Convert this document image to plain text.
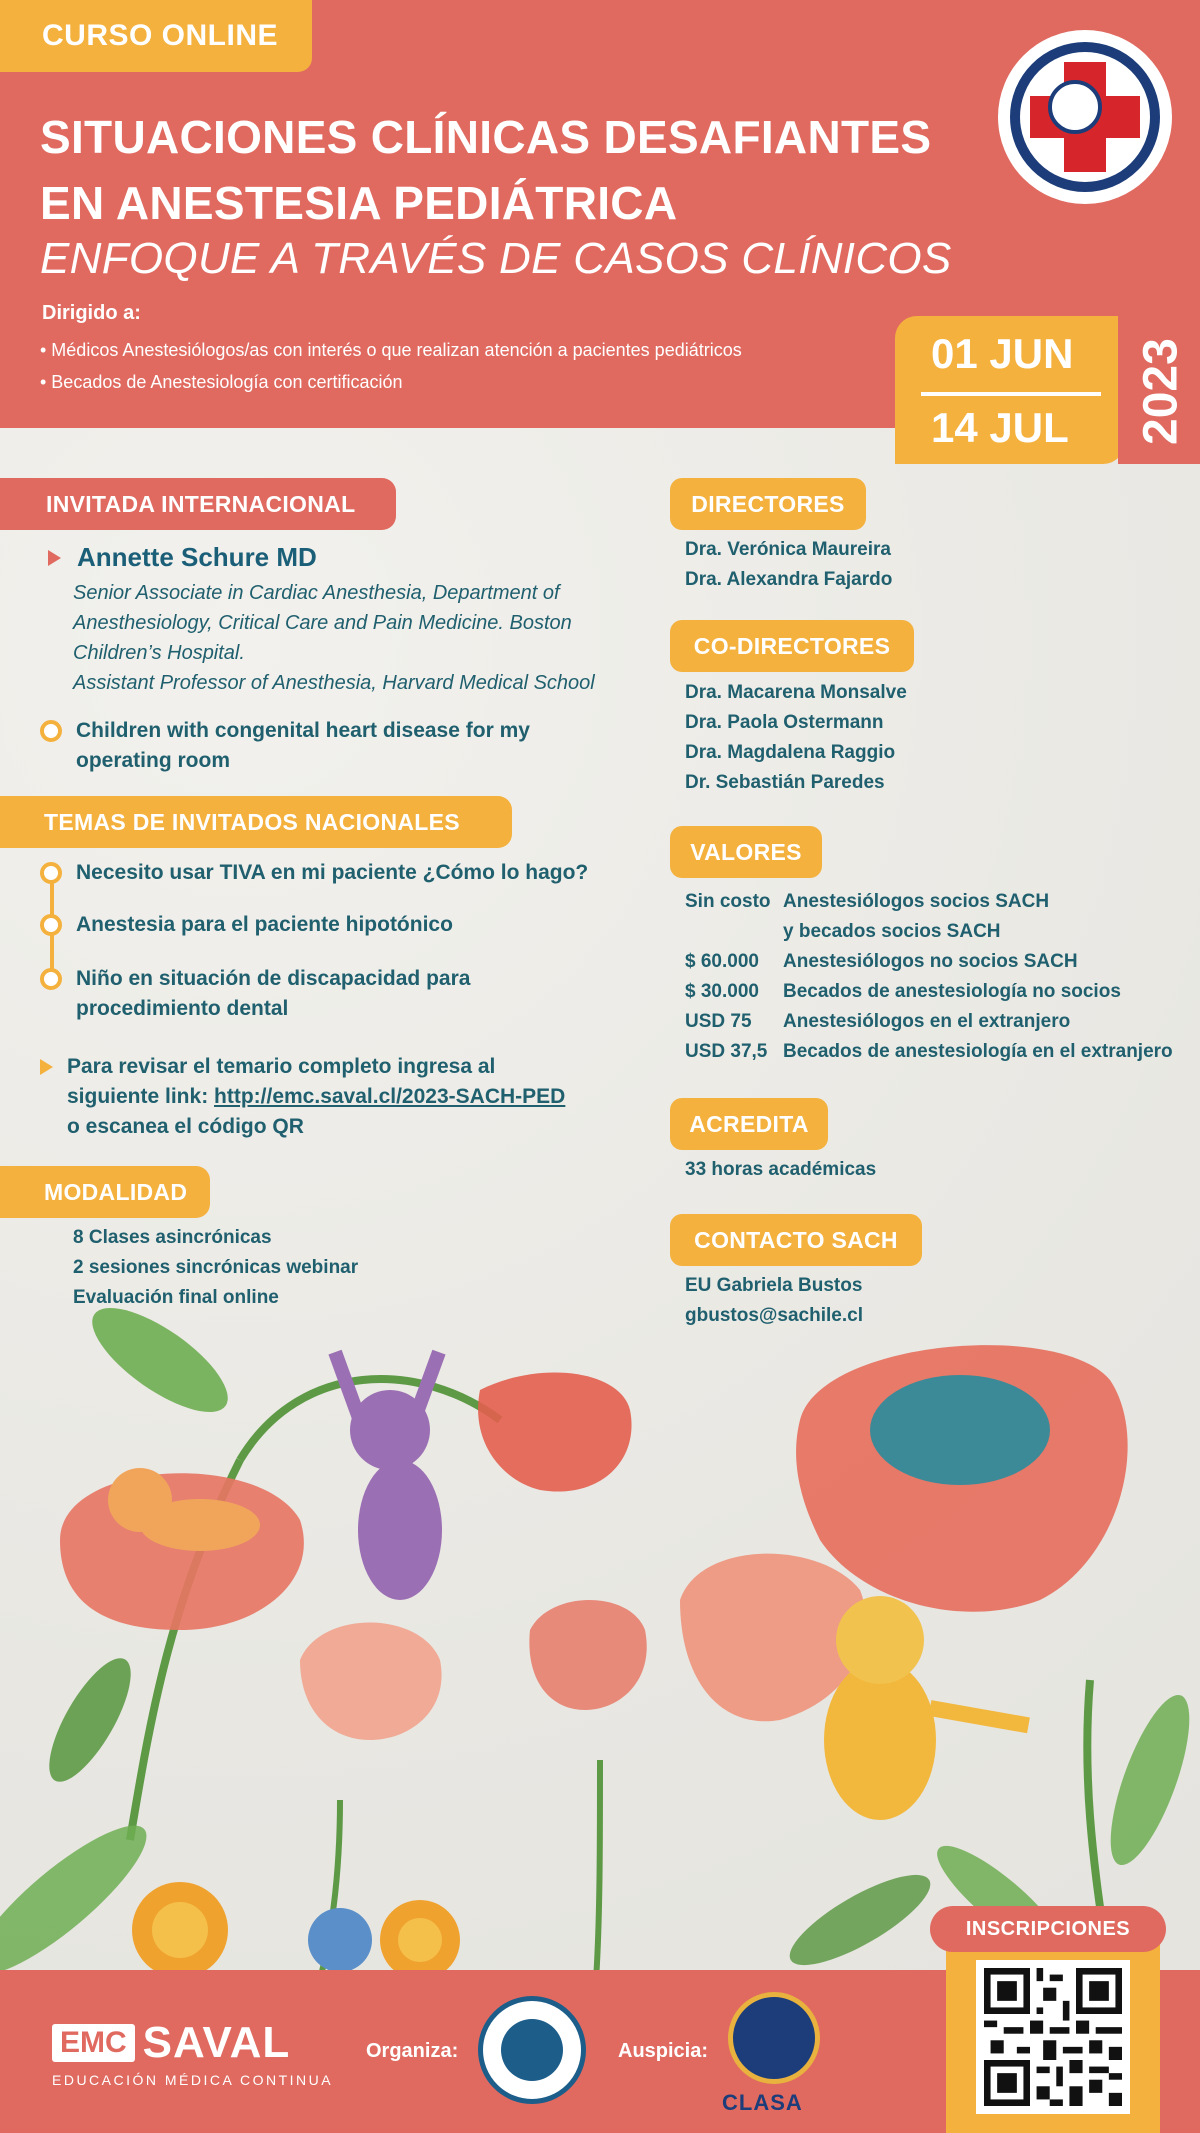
CURSO ONLINE
SITUACIONES CLÍNICAS DESAFIANTES
EN ANESTESIA PEDIÁTRICA
ENFOQUE A TRAVÉS DE CASOS CLÍNICOS
Dirigido a:
• Médicos Anestesiólogos/as con interés o que realizan atención a pacientes pediátricos
• Becados de Anestesiología con certificación
01 JUN
14 JUL 2023
INVITADA INTERNACIONAL
Annette Schure MD
Senior Associate in Cardiac Anesthesia, Department of
Anesthesiology, Critical Care and Pain Medicine. Boston
Children’s Hospital.
Assistant Professor of Anesthesia, Harvard Medical School
Children with congenital heart disease for my
operating room
TEMAS DE INVITADOS NACIONALES
Necesito usar TIVA en mi paciente ¿Cómo lo hago?
Anestesia para el paciente hipotónico
Niño en situación de discapacidad para
procedimiento dental
Para revisar el temario completo ingresa al
siguiente link: http://emc.saval.cl/2023-SACH-PED
o escanea el código QR
MODALIDAD
8 Clases asincrónicas
2 sesiones sincrónicas webinar
Evaluación final online
DIRECTORES
Dra. Verónica Maureira
Dra. Alexandra Fajardo
CO-DIRECTORES
Dra. Macarena Monsalve
Dra. Paola Ostermann
Dra. Magdalena Raggio
Dr. Sebastián Paredes
VALORES
Sin costo Anestesiólogos socios SACH
y becados socios SACH
$ 60.000	Anestesiólogos no socios SACH
$ 30.000	Becados de anestesiología no socios
USD 75	Anestesiólogos en el extranjero
USD 37,5 Becados de anestesiología en el extranjero
ACREDITA
33 horas académicas
CONTACTO SACH
EU Gabriela Bustos
gbustos@sachile.cl
EMC SAVAL
EDUCACIÓN MÉDICA CONTINUA
Organiza:	Auspicia:
CLASA
INSCRIPCIONES
